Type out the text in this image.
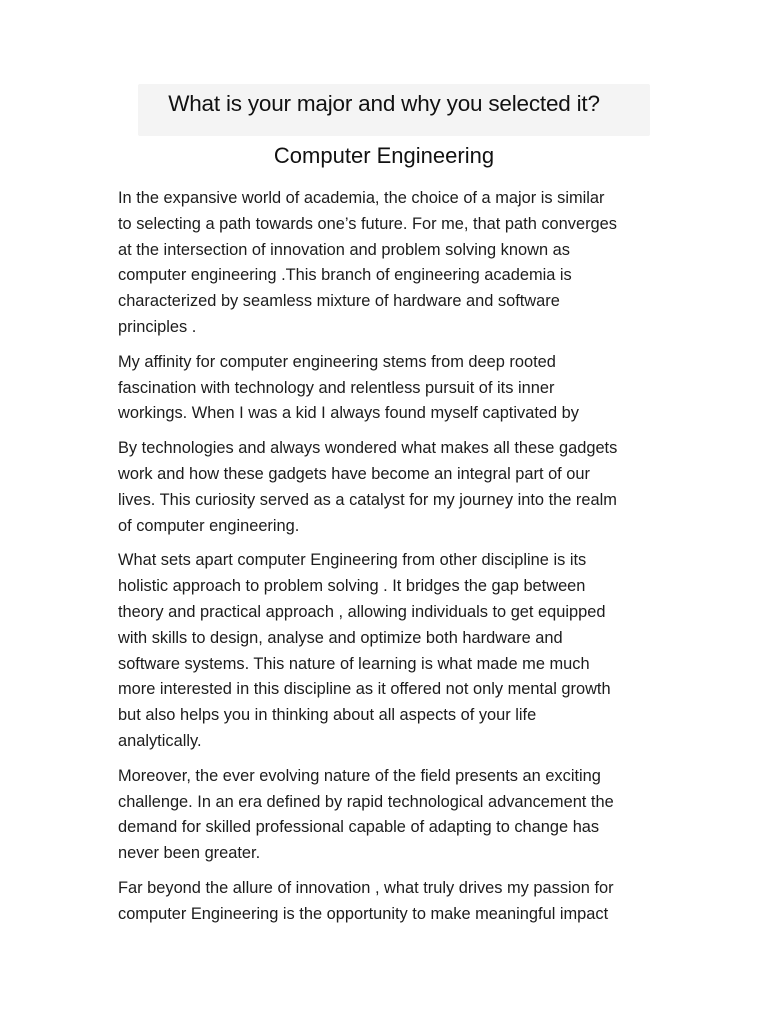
What is your major and why you selected it?
Computer Engineering

In the expansive world of academia, the choice of a major is similar
to selecting a path towards one’s future. For me, that path converges
at the intersection of innovation and problem solving known as
computer engineering .This branch of engineering academia is
characterized by seamless mixture of hardware and software
principles .

My affinity for computer engineering stems from deep rooted
fascination with technology and relentless pursuit of its inner
workings. When I was a kid I always found myself captivated by

By technologies and always wondered what makes all these gadgets
work and how these gadgets have become an integral part of our
lives. This curiosity served as a catalyst for my journey into the realm
of computer engineering.

What sets apart computer Engineering from other discipline is its
holistic approach to problem solving . It bridges the gap between
theory and practical approach , allowing individuals to get equipped
with skills to design, analyse and optimize both hardware and
software systems. This nature of learning is what made me much
more interested in this discipline as it offered not only mental growth
but also helps you in thinking about all aspects of your life
analytically.

Moreover, the ever evolving nature of the field presents an exciting
challenge. In an era defined by rapid technological advancement the
demand for skilled professional capable of adapting to change has
never been greater.

Far beyond the allure of innovation , what truly drives my passion for
computer Engineering is the opportunity to make meaningful impact
